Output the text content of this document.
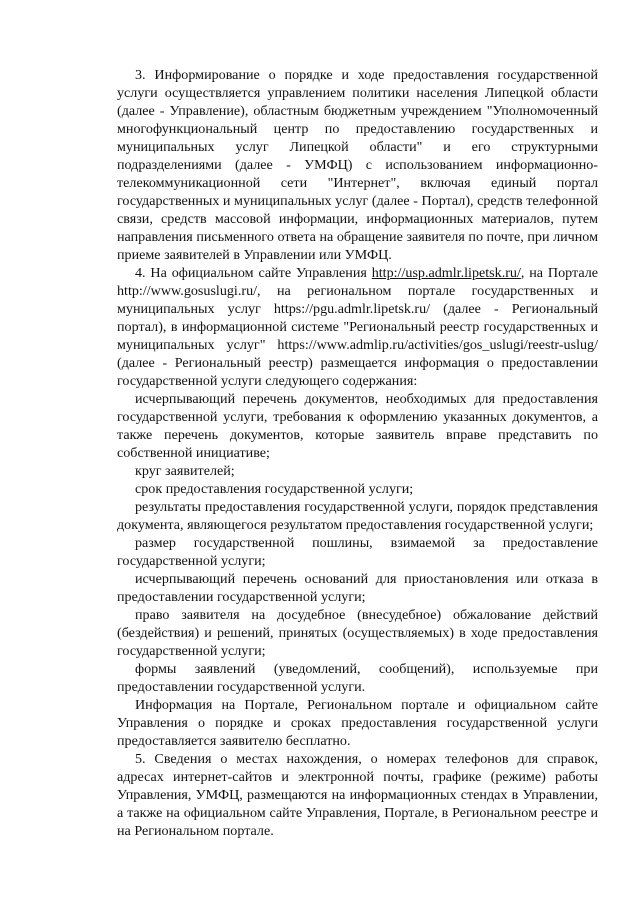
3. Информирование о порядке и ходе предоставления государственной услуги осуществляется управлением политики населения Липецкой области (далее - Управление), областным бюджетным учреждением "Уполномоченный многофункциональный центр по предоставлению государственных и муниципальных услуг Липецкой области" и его структурными подразделениями (далее - УМФЦ) с использованием информационно-телекоммуникационной сети "Интернет", включая единый портал государственных и муниципальных услуг (далее - Портал), средств телефонной связи, средств массовой информации, информационных материалов, путем направления письменного ответа на обращение заявителя по почте, при личном приеме заявителей в Управлении или УМФЦ.

4. На официальном сайте Управления http://usp.admlr.lipetsk.ru/, на Портале http://www.gosuslugi.ru/, на региональном портале государственных и муниципальных услуг https://pgu.admlr.lipetsk.ru/ (далее - Региональный портал), в информационной системе "Региональный реестр государственных и муниципальных услуг" https://www.admlip.ru/activities/gos_uslugi/reestr-uslug/ (далее - Региональный реестр) размещается информация о предоставлении государственной услуги следующего содержания:

исчерпывающий перечень документов, необходимых для предоставления государственной услуги, требования к оформлению указанных документов, а также перечень документов, которые заявитель вправе представить по собственной инициативе;

круг заявителей;

срок предоставления государственной услуги;

результаты предоставления государственной услуги, порядок представления документа, являющегося результатом предоставления государственной услуги;

размер государственной пошлины, взимаемой за предоставление государственной услуги;

исчерпывающий перечень оснований для приостановления или отказа в предоставлении государственной услуги;

право заявителя на досудебное (внесудебное) обжалование действий (бездействия) и решений, принятых (осуществляемых) в ходе предоставления государственной услуги;

формы заявлений (уведомлений, сообщений), используемые при предоставлении государственной услуги.

Информация на Портале, Региональном портале и официальном сайте Управления о порядке и сроках предоставления государственной услуги предоставляется заявителю бесплатно.

5. Сведения о местах нахождения, о номерах телефонов для справок, адресах интернет-сайтов и электронной почты, графике (режиме) работы Управления, УМФЦ, размещаются на информационных стендах в Управлении, а также на официальном сайте Управления, Портале, в Региональном реестре и на Региональном портале.
